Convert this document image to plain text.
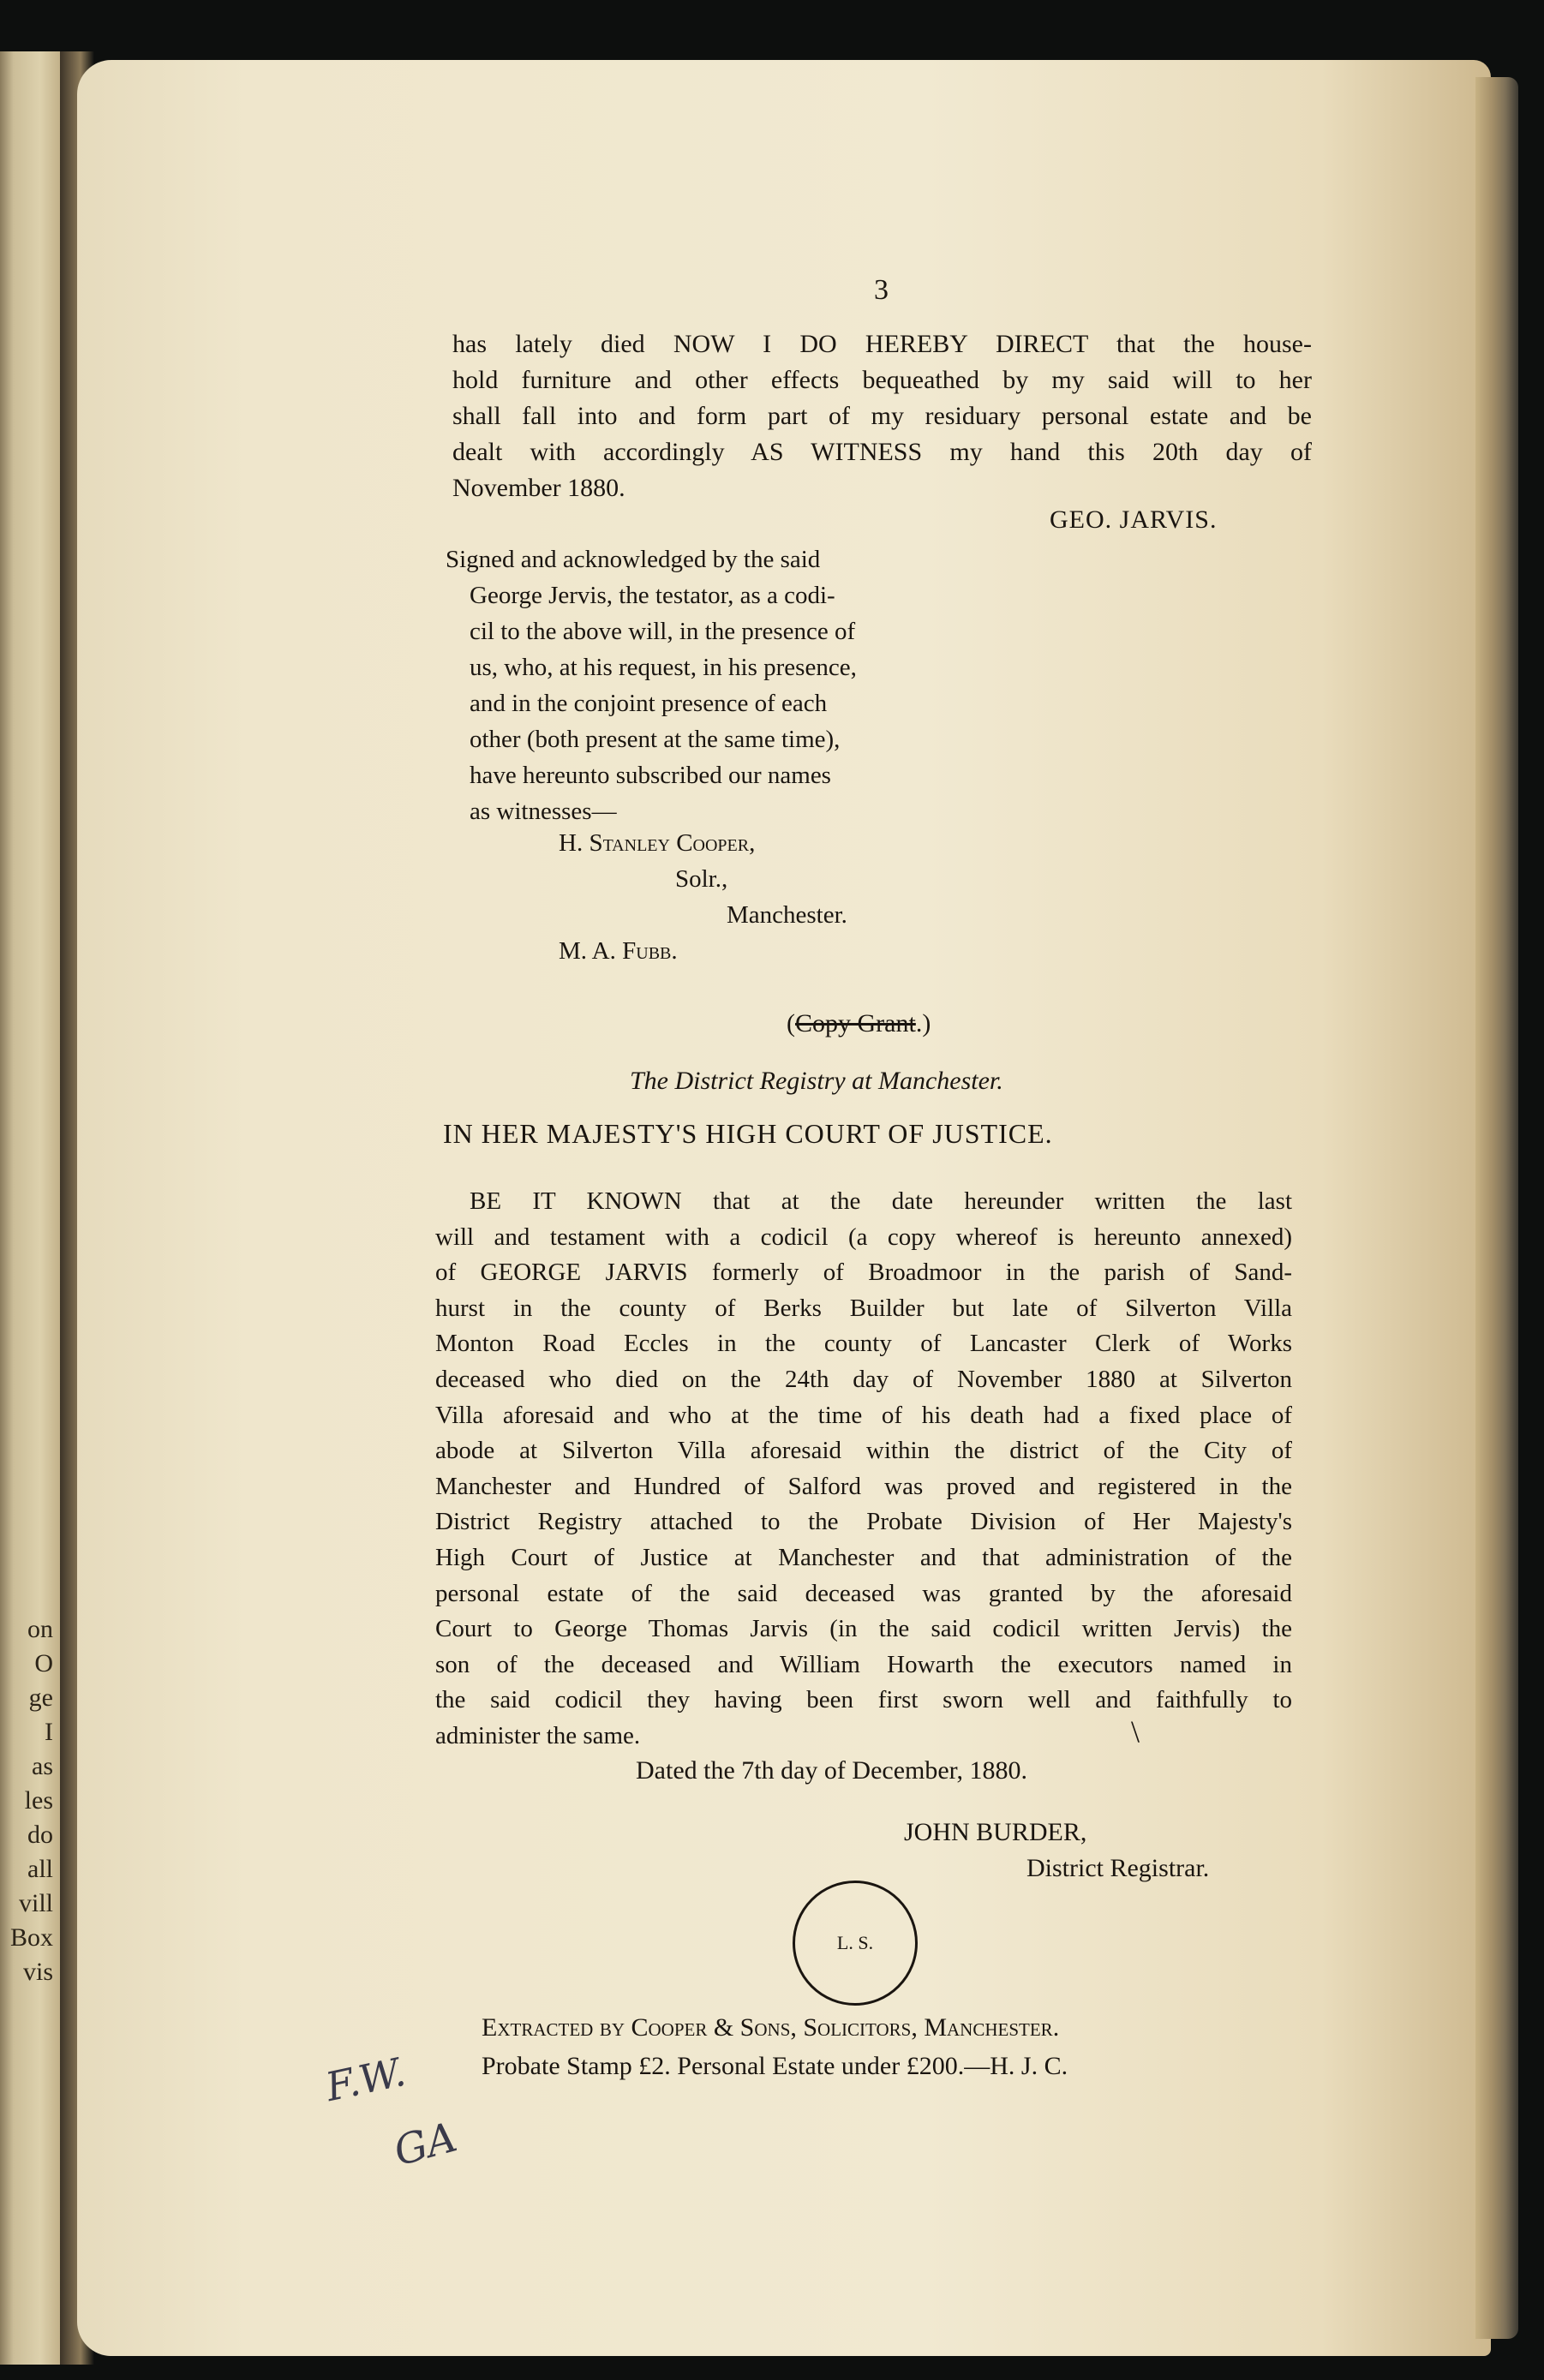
on
O
ge
I
as
les
do
all
vill
Box
vis
3
has lately died NOW I DO HEREBY DIRECT that the house-
hold furniture and other effects bequeathed by my said will to her
shall fall into and form part of my residuary personal estate and be
dealt with accordingly AS WITNESS my hand this 20th day of
November 1880.
GEO. JARVIS.
Signed and acknowledged by the said
George Jervis, the testator, as a codi-
cil to the above will, in the presence of
us, who, at his request, in his presence,
and in the conjoint presence of each
other (both present at the same time),
have hereunto subscribed our names
as witnesses—
H. Stanley Cooper,
Solr.,
Manchester.
M. A. Fubb.
(Copy Grant.)
The District Registry at Manchester.
IN HER MAJESTY'S HIGH COURT OF JUSTICE.
BE IT KNOWN that at the date hereunder written the last
will and testament with a codicil (a copy whereof is hereunto annexed)
of GEORGE JARVIS formerly of Broadmoor in the parish of Sand-
hurst in the county of Berks Builder but late of Silverton Villa
Monton Road Eccles in the county of Lancaster Clerk of Works
deceased who died on the 24th day of November 1880 at Silverton
Villa aforesaid and who at the time of his death had a fixed place of
abode at Silverton Villa aforesaid within the district of the City of
Manchester and Hundred of Salford was proved and registered in the
District Registry attached to the Probate Division of Her Majesty's
High Court of Justice at Manchester and that administration of the
personal estate of the said deceased was granted by the aforesaid
Court to George Thomas Jarvis (in the said codicil written Jervis) the
son of the deceased and William Howarth the executors named in
the said codicil they having been first sworn well and faithfully to
administer the same.
Dated the 7th day of December, 1880.
JOHN BURDER,
District Registrar.
L. S.
Extracted by Cooper & Sons, Solicitors, Manchester.
Probate Stamp £2. Personal Estate under £200.—H. J. C.
F.W.
GA
\
